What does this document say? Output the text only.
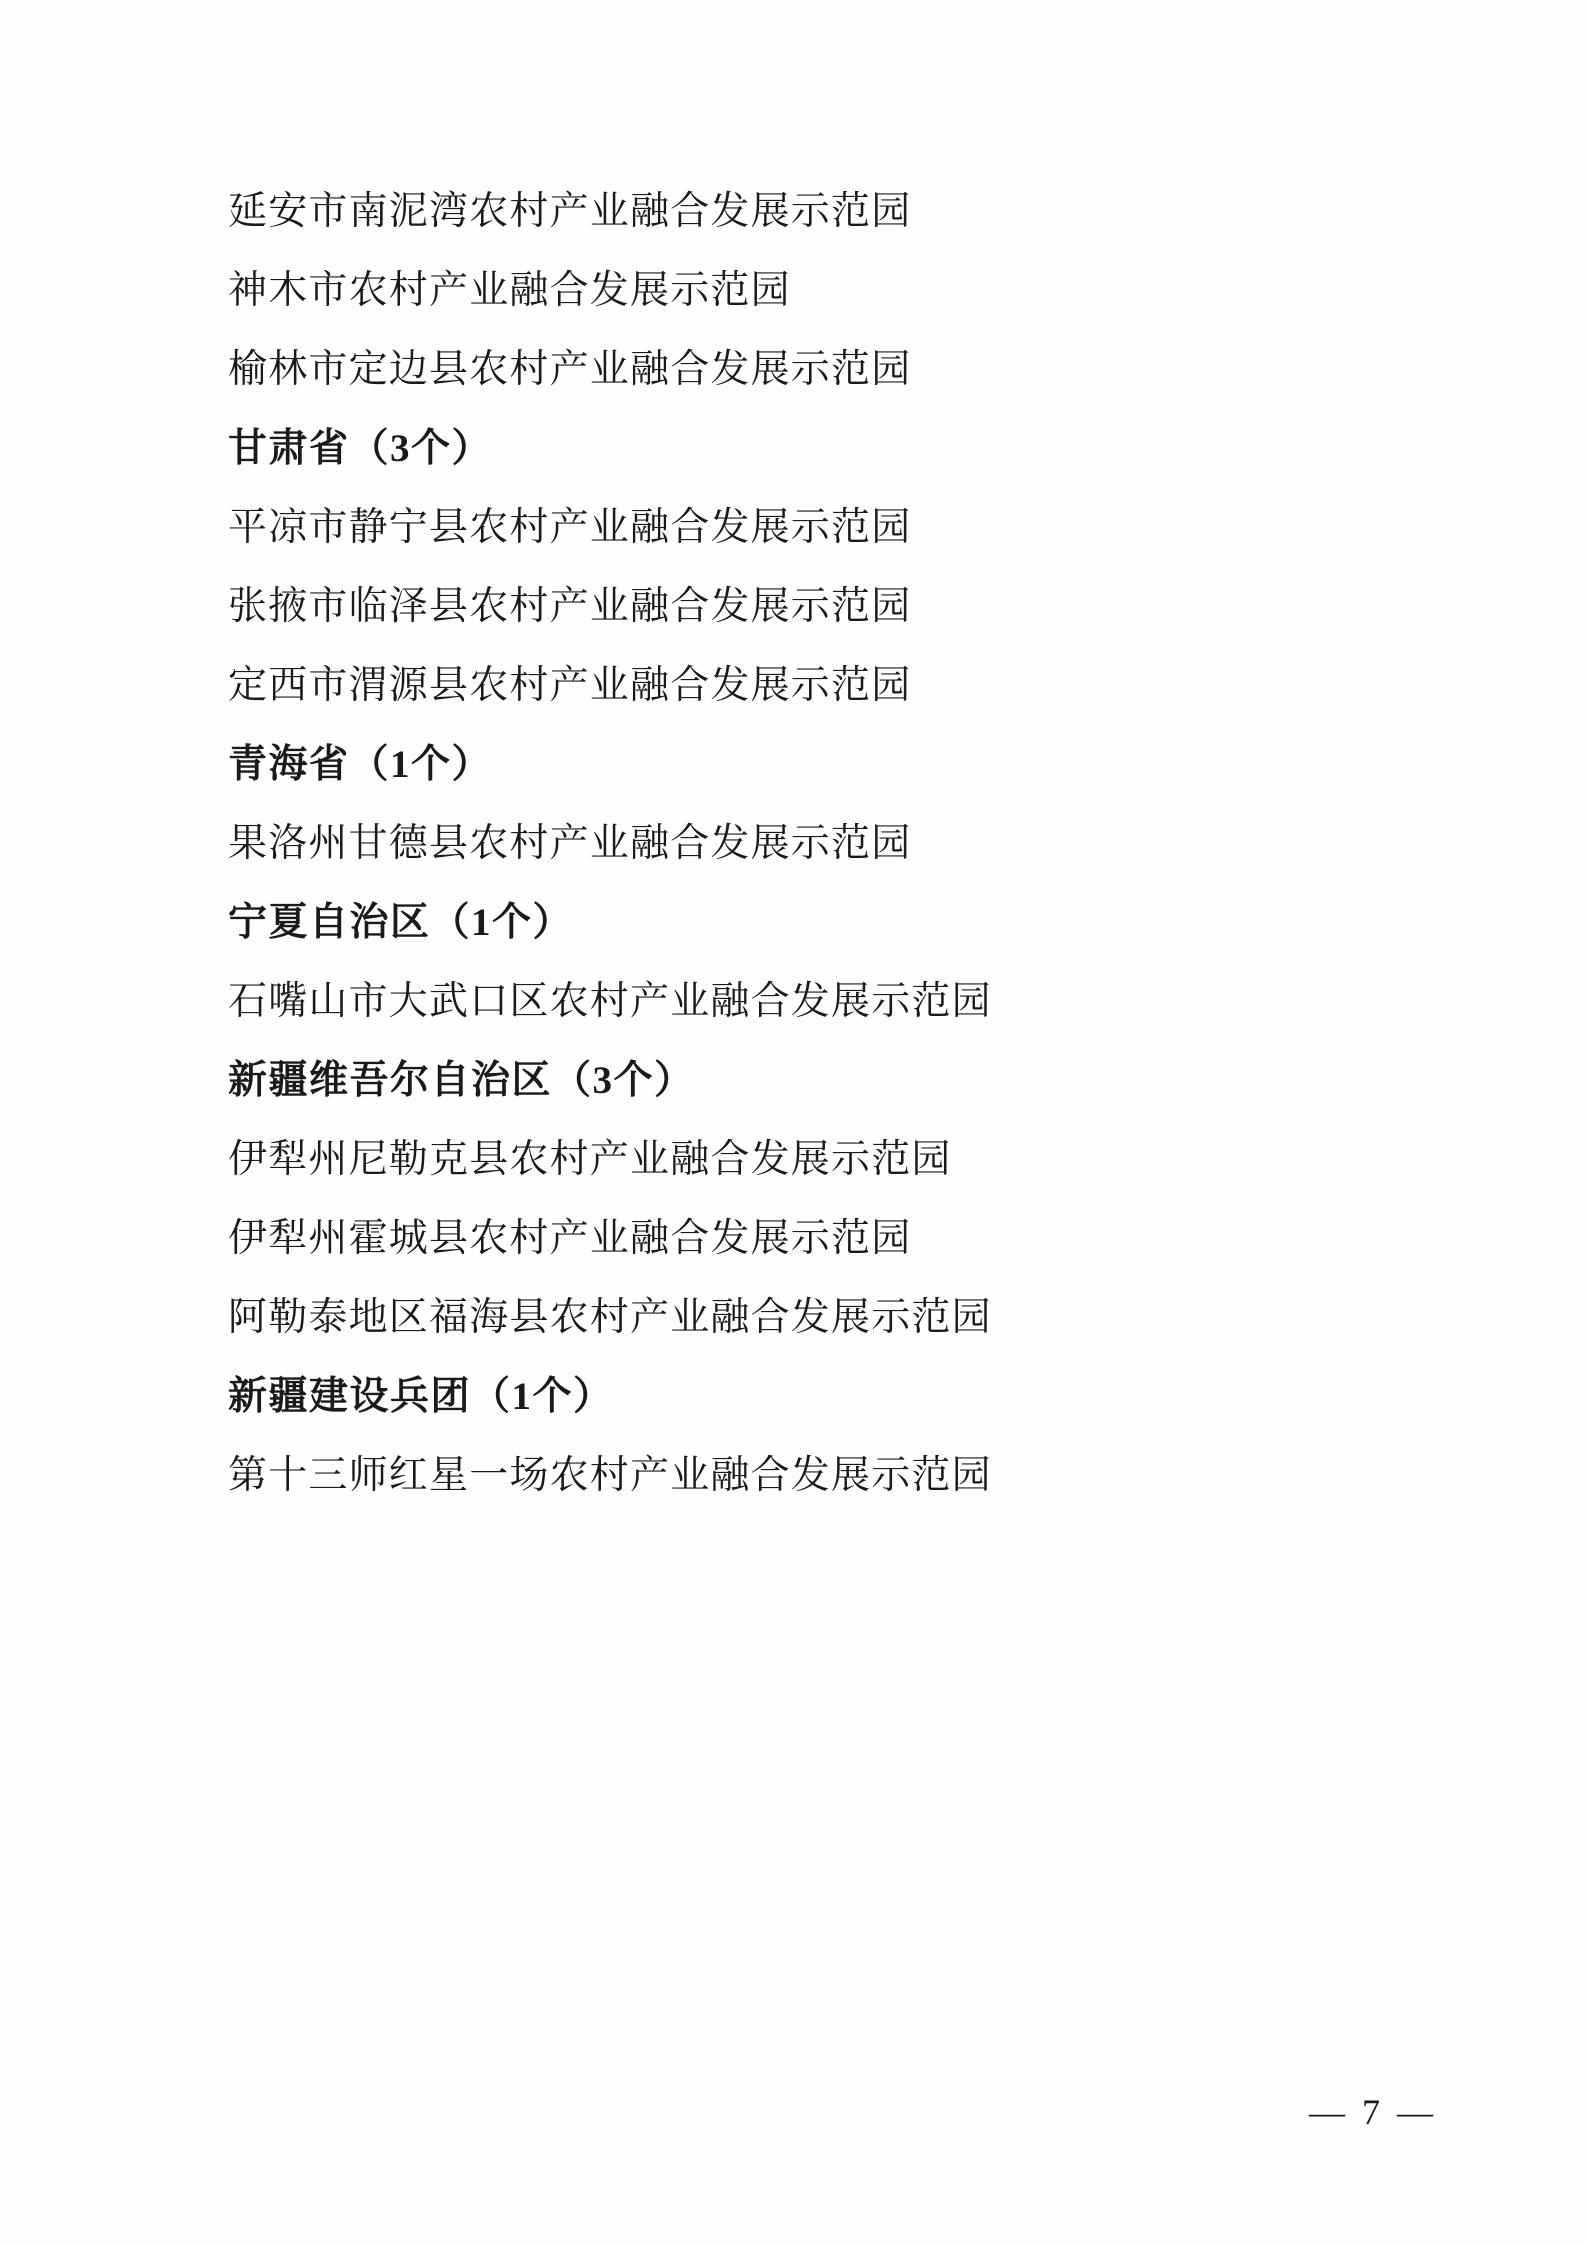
延安市南泥湾农村产业融合发展示范园
神木市农村产业融合发展示范园
榆林市定边县农村产业融合发展示范园
甘肃省（3个）
平凉市静宁县农村产业融合发展示范园
张掖市临泽县农村产业融合发展示范园
定西市渭源县农村产业融合发展示范园
青海省（1个）
果洛州甘德县农村产业融合发展示范园
宁夏自治区（1个）
石嘴山市大武口区农村产业融合发展示范园
新疆维吾尔自治区（3个）
伊犁州尼勒克县农村产业融合发展示范园
伊犁州霍城县农村产业融合发展示范园
阿勒泰地区福海县农村产业融合发展示范园
新疆建设兵团（1个）
第十三师红星一场农村产业融合发展示范园
— 7 —
